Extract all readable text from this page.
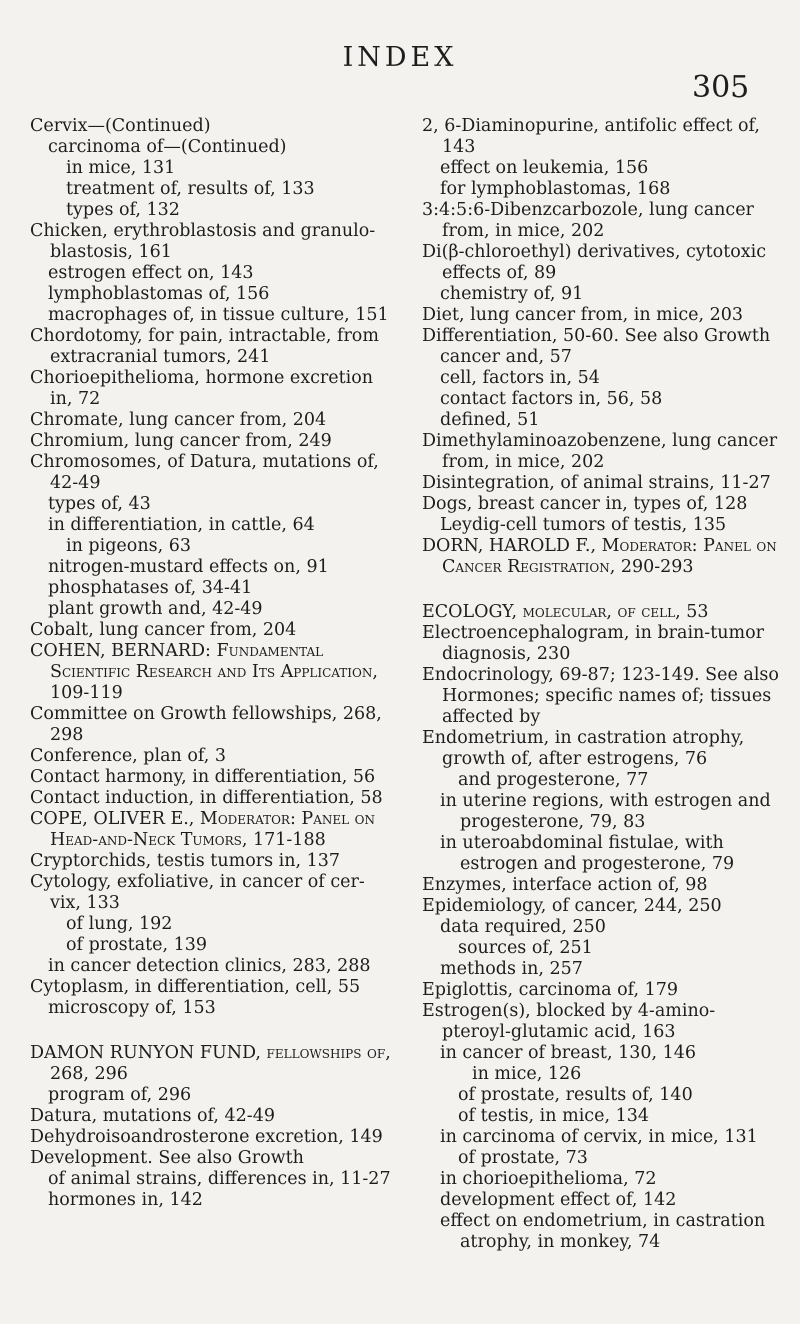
INDEX
305

Cervix—(Continued)

carcinoma of—(Continued)

in mice, 131

treatment of, results of, 133

types of, 132

Chicken, erythroblastosis and granulo-blastosis, 161

estrogen effect on, 143

lymphoblastomas of, 156

macrophages of, in tissue culture, 151

Chordotomy, for pain, intractable, from extracranial tumors, 241

Chorioepithelioma, hormone excretion in, 72

Chromate, lung cancer from, 204

Chromium, lung cancer from, 249

Chromosomes, of Datura, mutations of, 42-49

types of, 43

in differentiation, in cattle, 64

in pigeons, 63

nitrogen-mustard effects on, 91

phosphatases of, 34-41

plant growth and, 42-49

Cobalt, lung cancer from, 204

COHEN, BERNARD: Fundamental Scientific Research and Its Application, 109-119

Committee on Growth fellowships, 268, 298

Conference, plan of, 3

Contact harmony, in differentiation, 56

Contact induction, in differentiation, 58

COPE, OLIVER E., Moderator: Panel on Head-and-Neck Tumors, 171-188

Cryptorchids, testis tumors in, 137

Cytology, exfoliative, in cancer of cer-vix, 133

of lung, 192

of prostate, 139

in cancer detection clinics, 283, 288

Cytoplasm, in differentiation, cell, 55

microscopy of, 153

DAMON RUNYON FUND, fellowships of, 268, 296

program of, 296

Datura, mutations of, 42-49

Dehydroisoandrosterone excretion, 149

Development. See also Growth

of animal strains, differences in, 11-27

hormones in, 142

2, 6-Diaminopurine, antifolic effect of, 143

effect on leukemia, 156

for lymphoblastomas, 168

3:4:5:6-Dibenzcarbozole, lung cancer from, in mice, 202

Di(β-chloroethyl) derivatives, cytotoxic effects of, 89

chemistry of, 91

Diet, lung cancer from, in mice, 203

Differentiation, 50-60. See also Growth

cancer and, 57

cell, factors in, 54

contact factors in, 56, 58

defined, 51

Dimethylaminoazobenzene, lung cancer from, in mice, 202

Disintegration, of animal strains, 11-27

Dogs, breast cancer in, types of, 128

Leydig-cell tumors of testis, 135

DORN, HAROLD F., Moderator: Panel on Cancer Registration, 290-293

ECOLOGY, molecular, of cell, 53

Electroencephalogram, in brain-tumor diagnosis, 230

Endocrinology, 69-87; 123-149. See also Hormones; specific names of; tissues affected by

Endometrium, in castration atrophy, growth of, after estrogens, 76

and progesterone, 77

in uterine regions, with estrogen and progesterone, 79, 83

in uteroabdominal fistulae, with estrogen and progesterone, 79

Enzymes, interface action of, 98

Epidemiology, of cancer, 244, 250

data required, 250

sources of, 251

methods in, 257

Epiglottis, carcinoma of, 179

Estrogen(s), blocked by 4-amino-pteroyl-glutamic acid, 163

in cancer of breast, 130, 146

in mice, 126

of prostate, results of, 140

of testis, in mice, 134

in carcinoma of cervix, in mice, 131

of prostate, 73

in chorioepithelioma, 72

development effect of, 142

effect on endometrium, in castration atrophy, in monkey, 74
